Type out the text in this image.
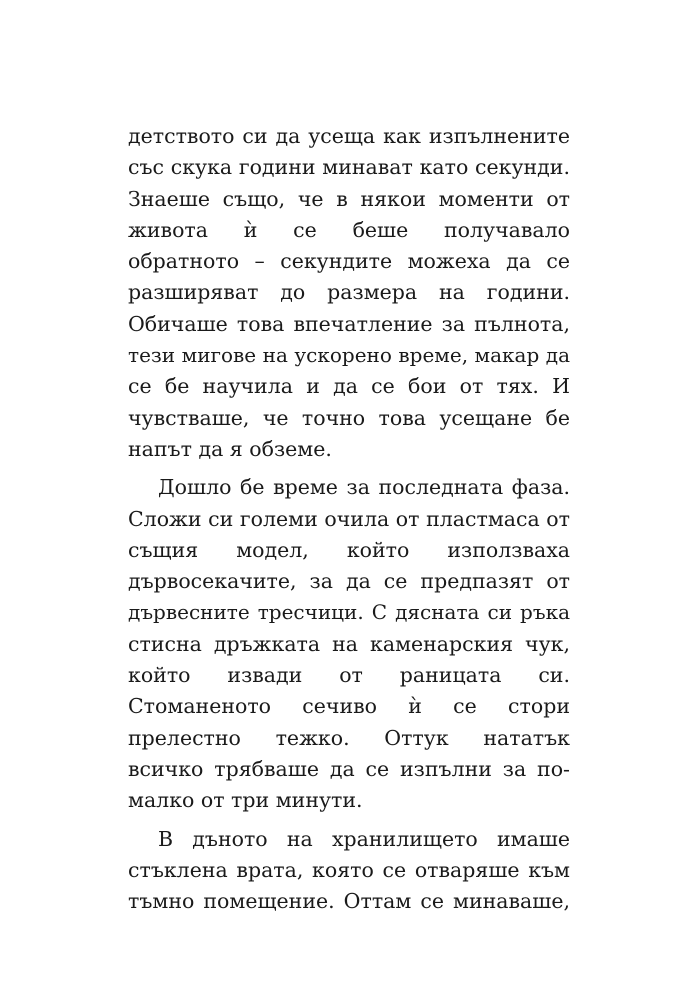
детството си да усеща как изпълнените
със скука години минават като секунди.
Знаеше също, че в някои моменти от
живота ѝ се беше получавало
обратното – секундите можеха да се
разширяват до размера на години.
Обичаше това впечатление за пълнота,
тези мигове на ускорено време, макар да
се бе научила и да се бои от тях. И
чувстваше, че точно това усещане бе
напът да я обземе.
Дошло бе време за последната фаза.
Сложи си големи очила от пластмаса от
същия модел, който използваха
дървосекачите, за да се предпазят от
дървесните тресчици. С дясната си ръка
стисна дръжката на каменарския чук,
който извади от раницата си.
Стоманеното сечиво ѝ се стори
прелестно тежко. Оттук нататък
всичко трябваше да се изпълни за по-
малко от три минути.
В дъното на хранилището имаше
стъклена врата, която се отваряше към
тъмно помещение. Оттам се минаваше,
